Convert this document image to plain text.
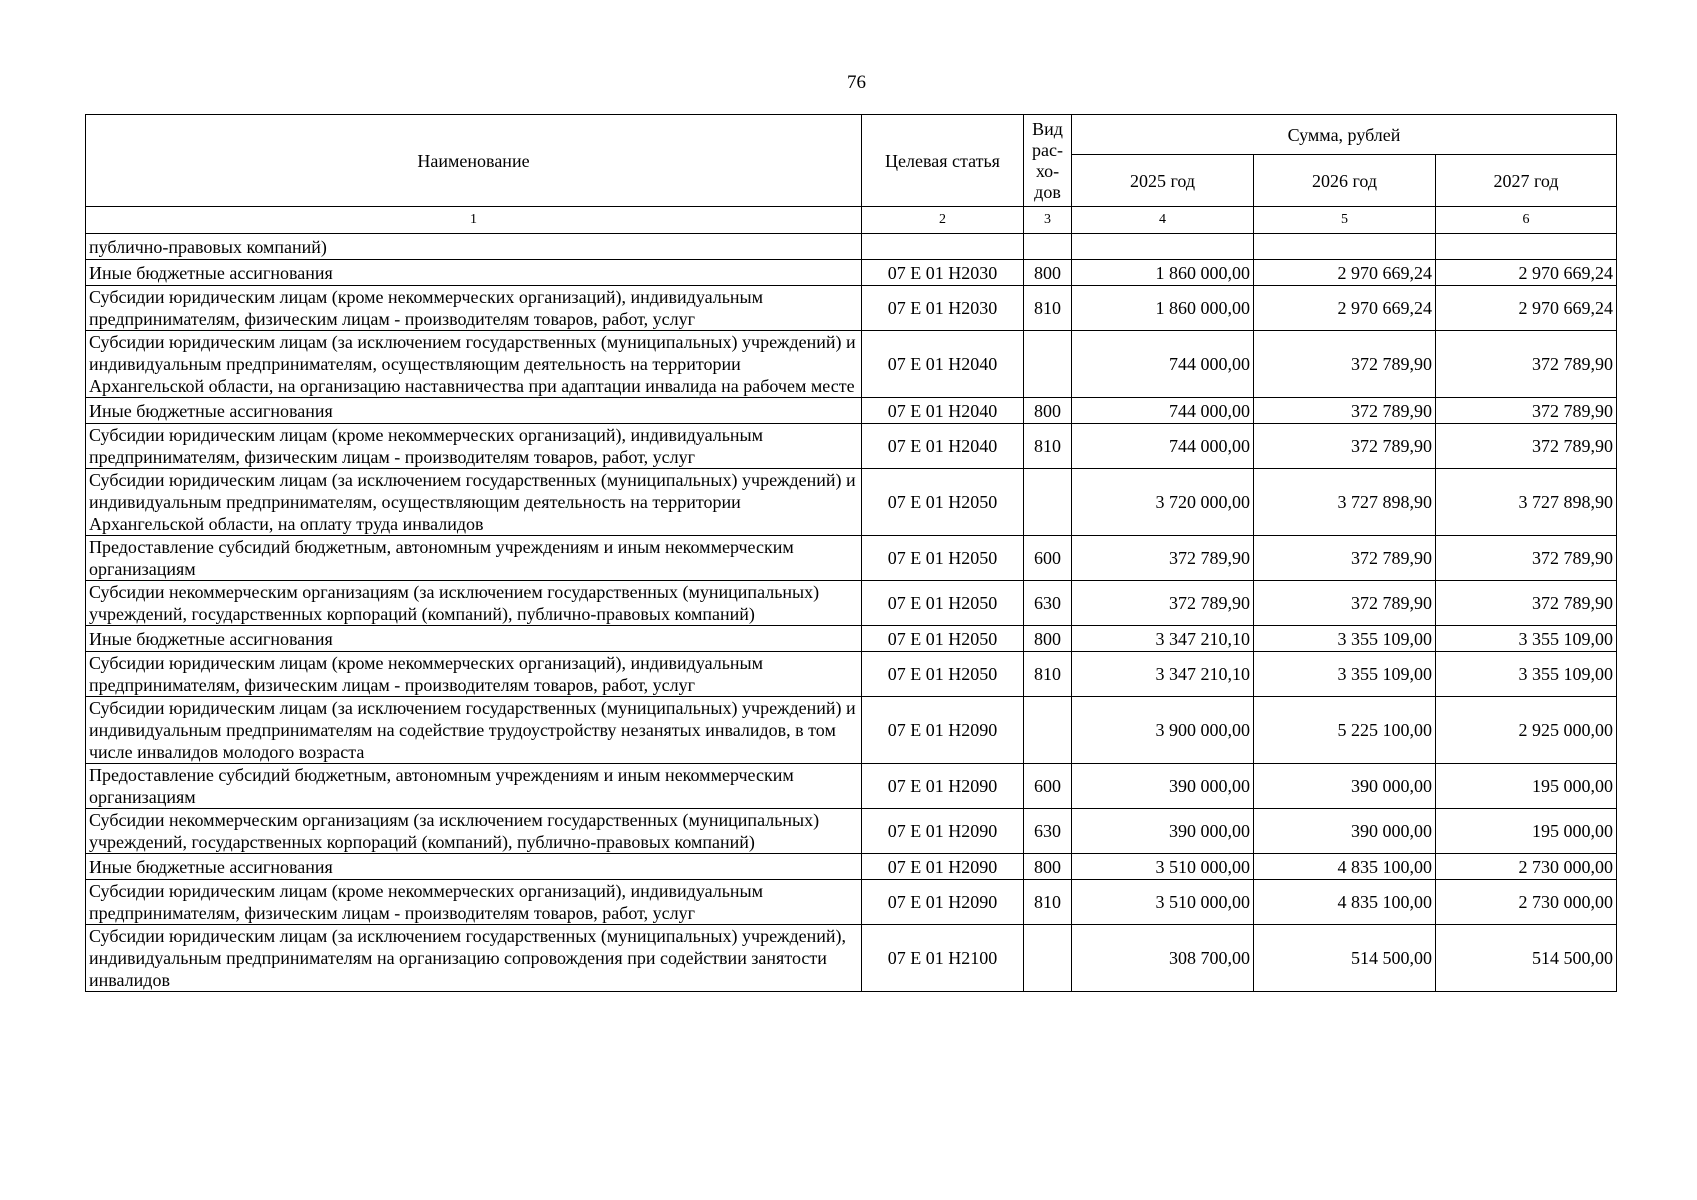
76
Наименование	Целевая статья	Вид
рас-
хо-
дов	Сумма, рублей		
			2025 год	2026 год	2027 год
1	2	3	4	5	6
публично-правовых компаний)					
Иные бюджетные ассигнования	07 Е 01 Н2030	800	1 860 000,00	2 970 669,24	2 970 669,24
Субсидии юридическим лицам (кроме некоммерческих организаций), индивидуальным предпринимателям, физическим лицам - производителям товаров, работ, услуг	07 Е 01 Н2030	810	1 860 000,00	2 970 669,24	2 970 669,24
Субсидии юридическим лицам (за исключением государственных (муниципальных) учреждений) и индивидуальным предпринимателям, осуществляющим деятельность на территории Архангельской области, на организацию наставничества при адаптации инвалида на рабочем месте	07 Е 01 Н2040		744 000,00	372 789,90	372 789,90
Иные бюджетные ассигнования	07 Е 01 Н2040	800	744 000,00	372 789,90	372 789,90
Субсидии юридическим лицам (кроме некоммерческих организаций), индивидуальным предпринимателям, физическим лицам - производителям товаров, работ, услуг	07 Е 01 Н2040	810	744 000,00	372 789,90	372 789,90
Субсидии юридическим лицам (за исключением государственных (муниципальных) учреждений) и индивидуальным предпринимателям, осуществляющим деятельность на территории Архангельской области, на оплату труда инвалидов	07 Е 01 Н2050		3 720 000,00	3 727 898,90	3 727 898,90
Предоставление субсидий бюджетным, автономным учреждениям и иным некоммерческим организациям	07 Е 01 Н2050	600	372 789,90	372 789,90	372 789,90
Субсидии некоммерческим организациям (за исключением государственных (муниципальных) учреждений, государственных корпораций (компаний), публично-правовых компаний)	07 Е 01 Н2050	630	372 789,90	372 789,90	372 789,90
Иные бюджетные ассигнования	07 Е 01 Н2050	800	3 347 210,10	3 355 109,00	3 355 109,00
Субсидии юридическим лицам (кроме некоммерческих организаций), индивидуальным предпринимателям, физическим лицам - производителям товаров, работ, услуг	07 Е 01 Н2050	810	3 347 210,10	3 355 109,00	3 355 109,00
Субсидии юридическим лицам (за исключением государственных (муниципальных) учреждений) и индивидуальным предпринимателям на содействие трудоустройству незанятых инвалидов, в том числе инвалидов молодого возраста	07 Е 01 Н2090		3 900 000,00	5 225 100,00	2 925 000,00
Предоставление субсидий бюджетным, автономным учреждениям и иным некоммерческим организациям	07 Е 01 Н2090	600	390 000,00	390 000,00	195 000,00
Субсидии некоммерческим организациям (за исключением государственных (муниципальных) учреждений, государственных корпораций (компаний), публично-правовых компаний)	07 Е 01 Н2090	630	390 000,00	390 000,00	195 000,00
Иные бюджетные ассигнования	07 Е 01 Н2090	800	3 510 000,00	4 835 100,00	2 730 000,00
Субсидии юридическим лицам (кроме некоммерческих организаций), индивидуальным предпринимателям, физическим лицам - производителям товаров, работ, услуг	07 Е 01 Н2090	810	3 510 000,00	4 835 100,00	2 730 000,00
Субсидии юридическим лицам (за исключением государственных (муниципальных) учреждений), индивидуальным предпринимателям на организацию сопровождения при содействии занятости инвалидов	07 Е 01 Н2100		308 700,00	514 500,00	514 500,00
